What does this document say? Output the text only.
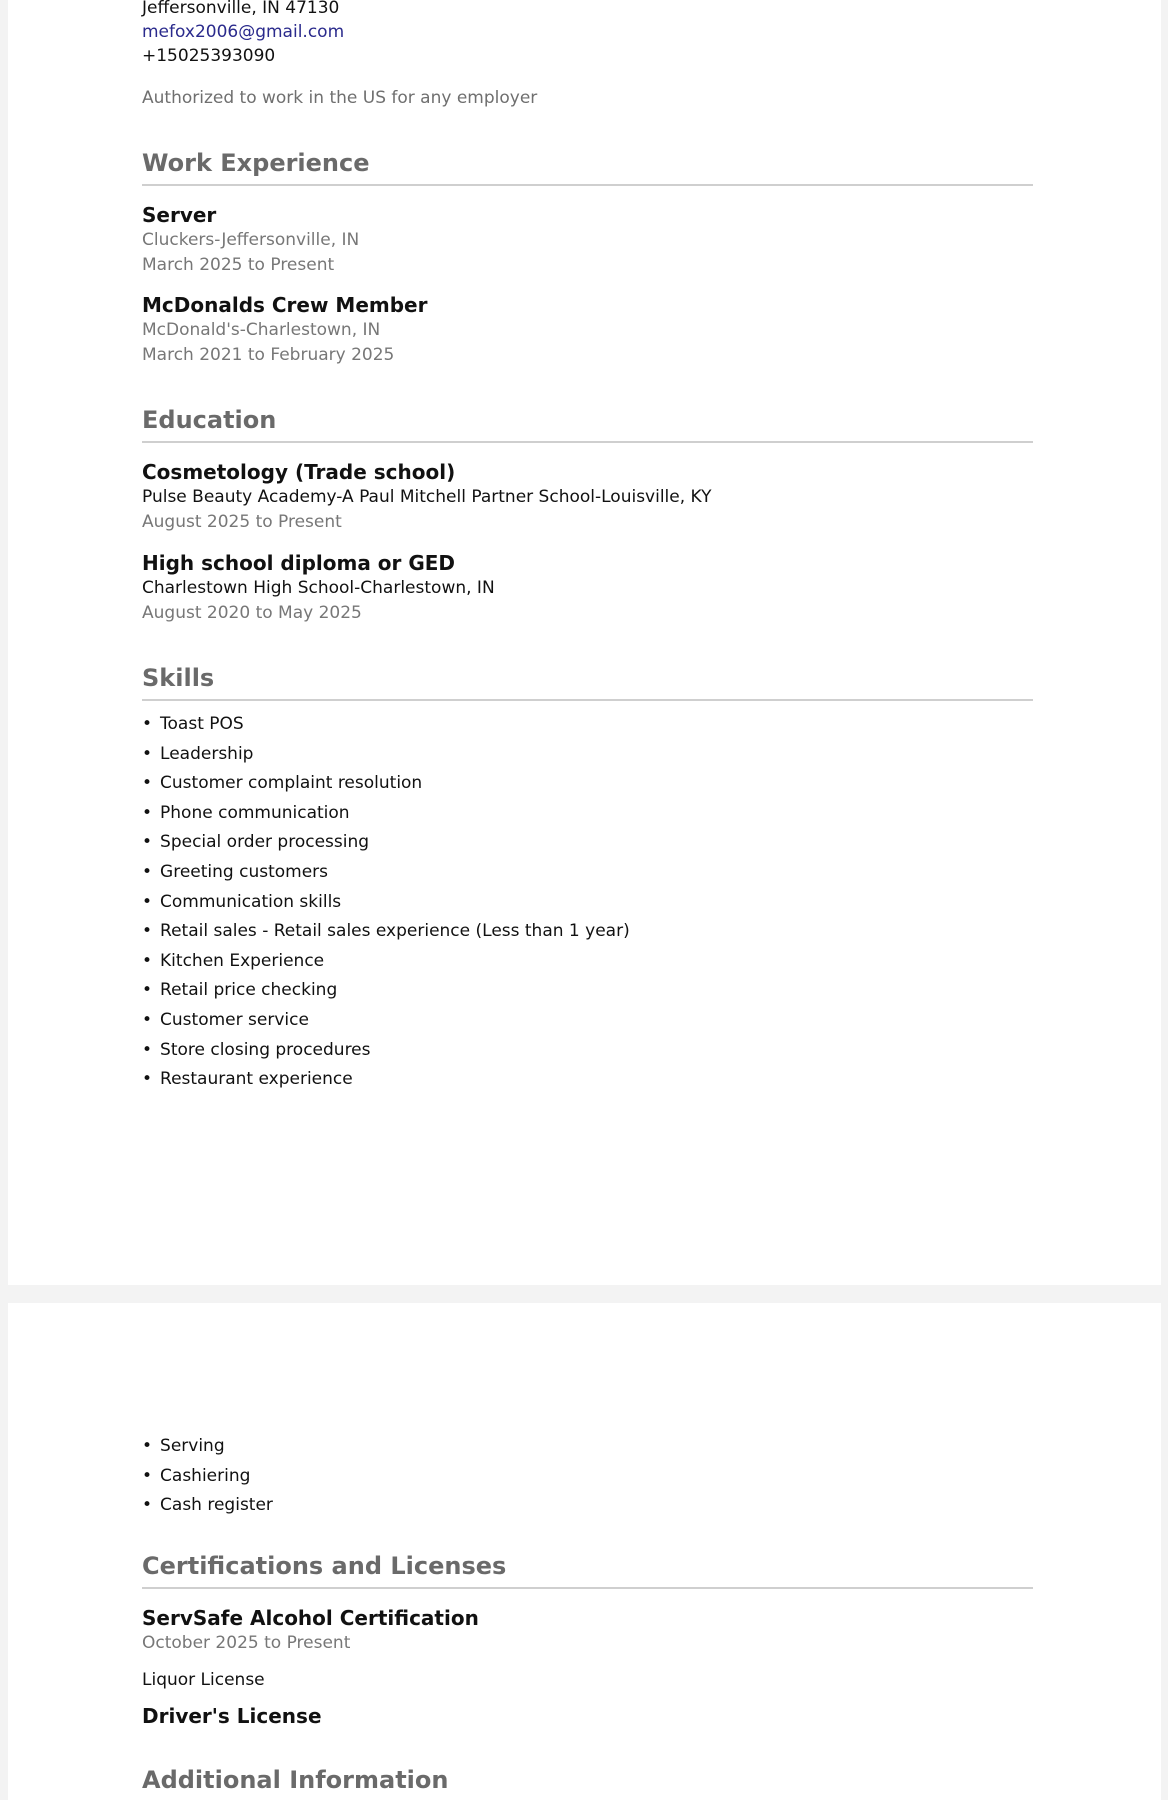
Jeffersonville, IN 47130

mefox2006@gmail.com

+15025393090

Authorized to work in the US for any employer

Work Experience

Server

Cluckers-Jeffersonville, IN

March 2025 to Present

McDonalds Crew Member

McDonald's-Charlestown, IN

March 2021 to February 2025

Education

Cosmetology (Trade school)

Pulse Beauty Academy-A Paul Mitchell Partner School-Louisville, KY

August 2025 to Present

High school diploma or GED

Charlestown High School-Charlestown, IN

August 2020 to May 2025

Skills
• Toast POS
• Leadership
• Customer complaint resolution
• Phone communication
• Special order processing
• Greeting customers
• Communication skills
• Retail sales - Retail sales experience (Less than 1 year)
• Kitchen Experience
• Retail price checking
• Customer service
• Store closing procedures
• Restaurant experience
• Serving
• Cashiering
• Cash register
Certifications and Licenses

ServSafe Alcohol Certification

October 2025 to Present

Liquor License

Driver's License

Additional Information
